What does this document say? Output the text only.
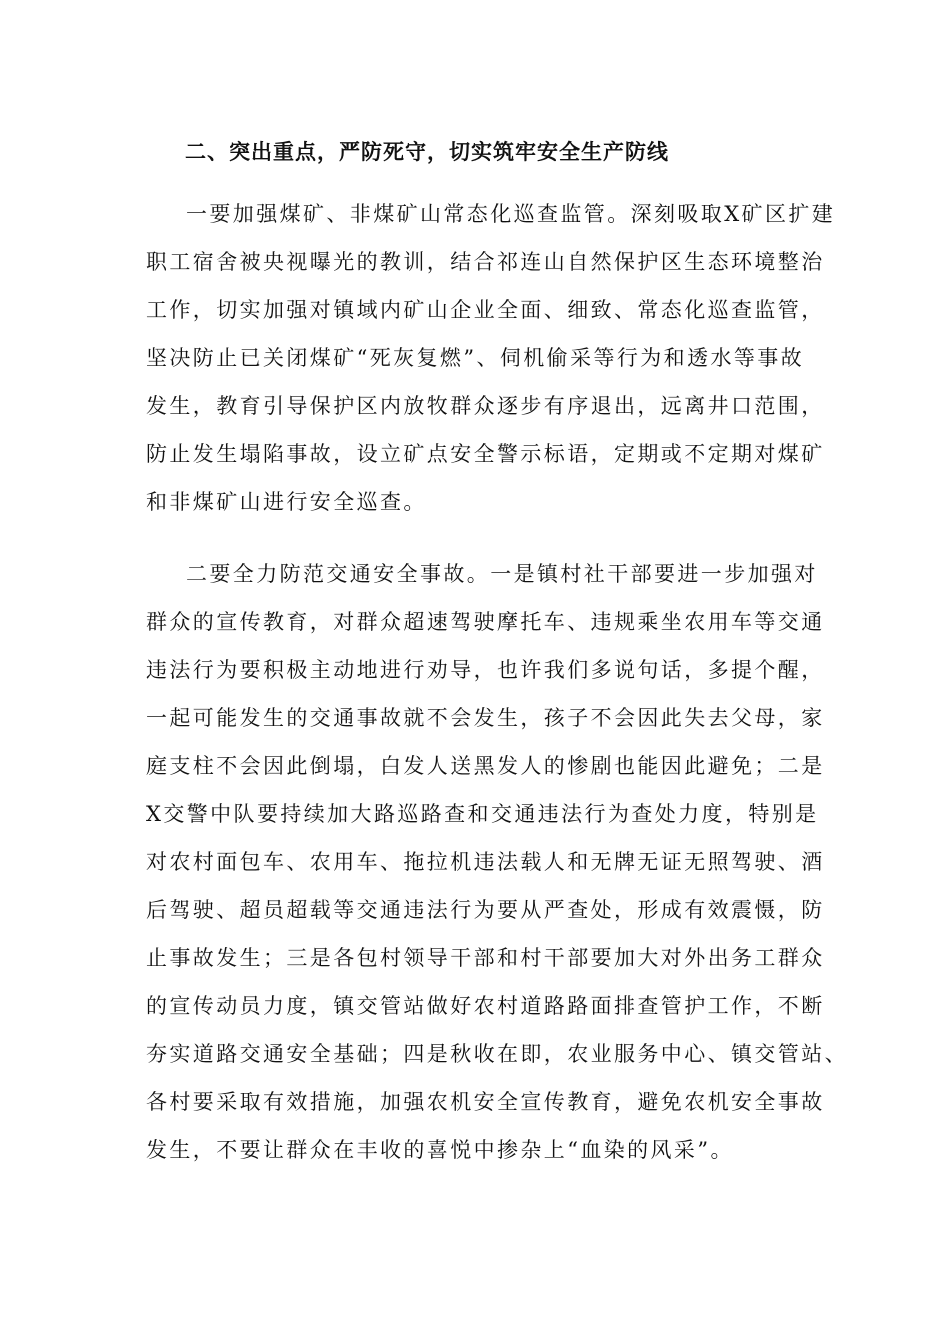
二、突出重点，严防死守，切实筑牢安全生产防线
一要加强煤矿、非煤矿山常态化巡查监管。深刻吸取X矿区扩建
职工宿舍被央视曝光的教训，结合祁连山自然保护区生态环境整治
工作，切实加强对镇域内矿山企业全面、细致、常态化巡查监管，
坚决防止已关闭煤矿“死灰复燃”、伺机偷采等行为和透水等事故
发生，教育引导保护区内放牧群众逐步有序退出，远离井口范围，
防止发生塌陷事故，设立矿点安全警示标语，定期或不定期对煤矿
和非煤矿山进行安全巡查。
二要全力防范交通安全事故。一是镇村社干部要进一步加强对
群众的宣传教育，对群众超速驾驶摩托车、违规乘坐农用车等交通
违法行为要积极主动地进行劝导，也许我们多说句话，多提个醒，
一起可能发生的交通事故就不会发生，孩子不会因此失去父母，家
庭支柱不会因此倒塌，白发人送黑发人的惨剧也能因此避免；二是
X交警中队要持续加大路巡路查和交通违法行为查处力度，特别是
对农村面包车、农用车、拖拉机违法载人和无牌无证无照驾驶、酒
后驾驶、超员超载等交通违法行为要从严查处，形成有效震慑，防
止事故发生；三是各包村领导干部和村干部要加大对外出务工群众
的宣传动员力度，镇交管站做好农村道路路面排查管护工作，不断
夯实道路交通安全基础；四是秋收在即，农业服务中心、镇交管站、
各村要采取有效措施，加强农机安全宣传教育，避免农机安全事故
发生，不要让群众在丰收的喜悦中掺杂上“血染的风采”。
